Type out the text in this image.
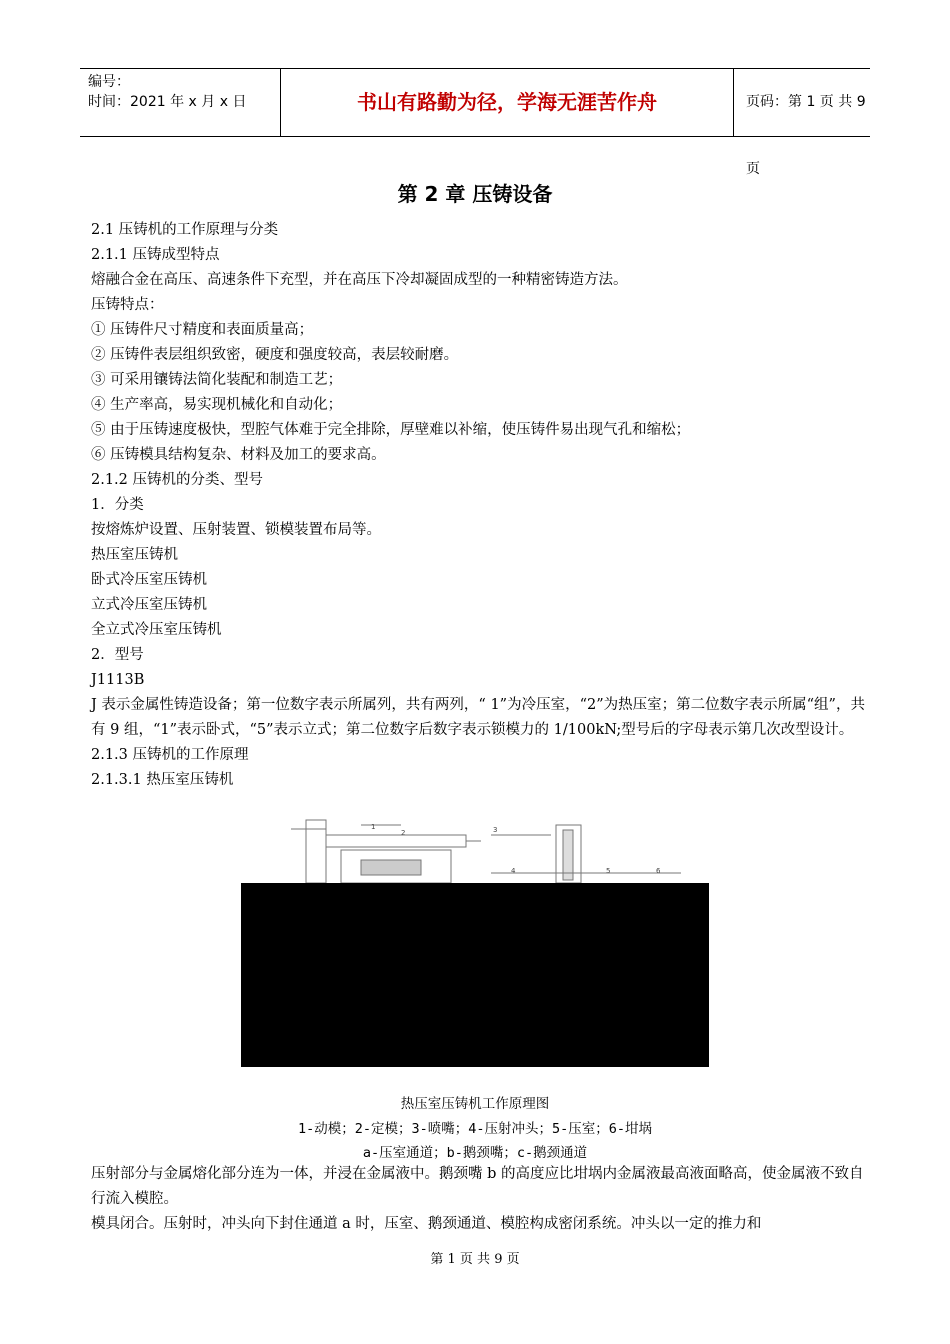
编号：
时间：2021 年 x 月 x 日	书山有路勤为径，学海无涯苦作舟	页码：第 1 页 共 9 页
第 2 章 压铸设备

2.1 压铸机的工作原理与分类

2.1.1 压铸成型特点

熔融合金在高压、高速条件下充型，并在高压下冷却凝固成型的一种精密铸造方法。

压铸特点：

① 压铸件尺寸精度和表面质量高；

② 压铸件表层组织致密，硬度和强度较高，表层较耐磨。

③ 可采用镶铸法简化装配和制造工艺；

④ 生产率高，易实现机械化和自动化；

⑤ 由于压铸速度极快，型腔气体难于完全排除，厚壁难以补缩，使压铸件易出现气孔和缩松；

⑥ 压铸模具结构复杂、材料及加工的要求高。

2.1.2 压铸机的分类、型号

1．分类

按熔炼炉设置、压射装置、锁模装置布局等。

热压室压铸机

卧式冷压室压铸机

立式冷压室压铸机

全立式冷压室压铸机

2．型号

J1113B

J 表示金属性铸造设备；第一位数字表示所属列，共有两列，“ 1”为冷压室，“2”为热压室；第二位数字表示所属“组”，共有 9 组，“1”表示卧式，“5”表示立式；第二位数字后数字表示锁模力的 1/100kN;型号后的字母表示第几次改型设计。

2.1.3 压铸机的工作原理

2.1.3.1 热压室压铸机

1
2	3
4	5	6
热压室压铸机工作原理图
1-动模；2-定模；3-喷嘴；4-压射冲头；5-压室；6-坩埚
a-压室通道；b-鹅颈嘴；c-鹅颈通道

压射部分与金属熔化部分连为一体，并浸在金属液中。鹅颈嘴 b 的高度应比坩埚内金属液最高液面略高，使金属液不致自行流入模腔。

模具闭合。压射时，冲头向下封住通道 a 时，压室、鹅颈通道、模腔构成密闭系统。冲头以一定的推力和

第 1 页 共 9 页
